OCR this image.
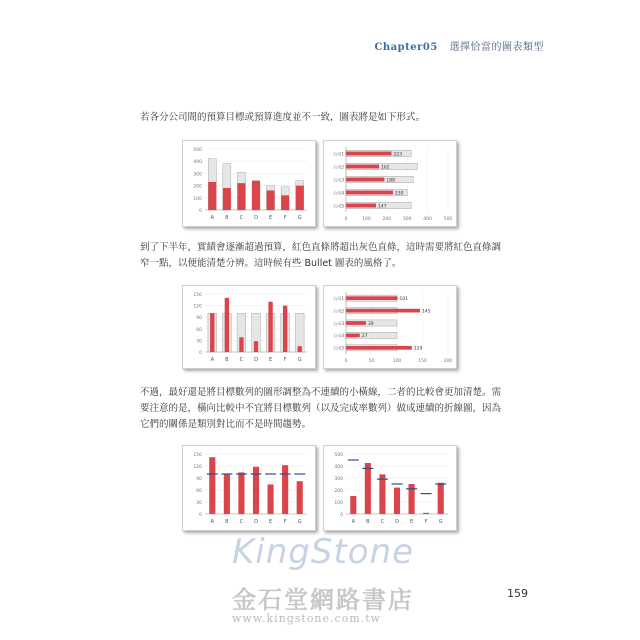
Chapter05 選擇恰當的圖表類型
若各分公司間的預算目標或預算進度並不一致，圖表將是如下形式。
0
100
200
300
400
500
A B C D E F G	0	100	200	300	400	500
公司1	223
公司2	162
公司3	188
公司4	230
公司5	147
到了下半年，實績會逐漸超過預算，紅色直條將超出灰色直條，這時需要將紅色直條調窄一點，以便能清楚分辨。這時候有些 Bullet 圖表的風格了。
0
30
60
90
120
150
A B C D E F G	0	50	100	150	200
公司1	101
公司2	145
公司3	39
公司4	27
公司5	129
不過，最好還是將目標數列的圖形調整為不連續的小橫線，二者的比較會更加清楚。需要注意的是，橫向比較中不宜將目標數列（以及完成率數列）做成連續的折線圖，因為它們的關係是類別對比而不是時間趨勢。
0
30
60
90
120
150
A B C D E F G
0
100
200
300
400
500
A B C D E F G
KingStone
金石堂網路書店
www.kingstone.com.tw
159
